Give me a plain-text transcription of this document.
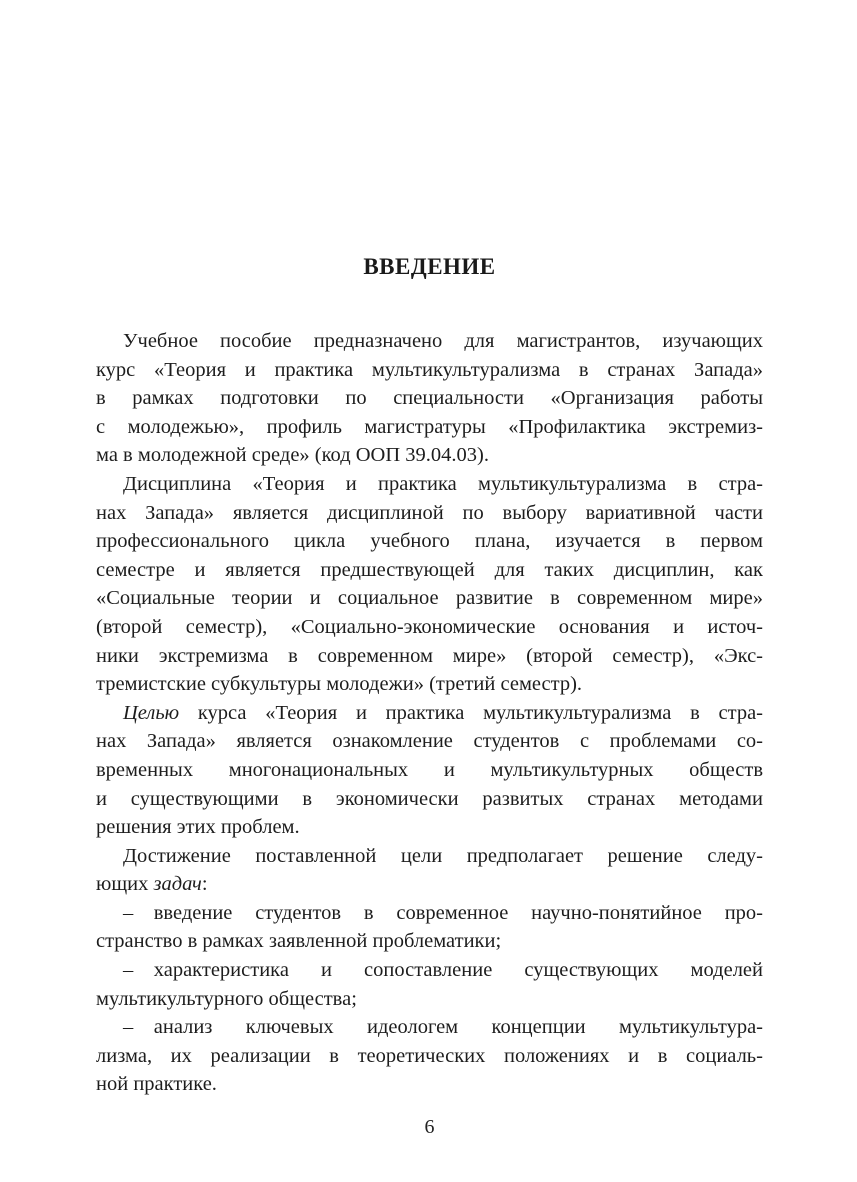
ВВЕДЕНИЕ
Учебное пособие предназначено для магистрантов, изучающих
курс «Теория и практика мультикультурализма в странах Запада»
в рамках подготовки по специальности «Организация работы
с молодежью», профиль магистратуры «Профилактика экстремиз-
ма в молодежной среде» (код ООП 39.04.03).
Дисциплина «Теория и практика мультикультурализма в стра-
нах Запада» является дисциплиной по выбору вариативной части
профессионального цикла учебного плана, изучается в первом
семестре и является предшествующей для таких дисциплин, как
«Социальные теории и социальное развитие в современном мире»
(второй семестр), «Социально-экономические основания и источ-
ники экстремизма в современном мире» (второй семестр), «Экс-
тремистские субкультуры молодежи» (третий семестр).
Целью курса «Теория и практика мультикультурализма в стра-
нах Запада» является ознакомление студентов с проблемами со-
временных многонациональных и мультикультурных обществ
и существующими в экономически развитых странах методами
решения этих проблем.
Достижение поставленной цели предполагает решение следу-
ющих задач:
– введение студентов в современное научно-понятийное про-
странство в рамках заявленной проблематики;
– характеристика и сопоставление существующих моделей
мультикультурного общества;
– анализ ключевых идеологем концепции мультикультура-
лизма, их реализации в теоретических положениях и в социаль-
ной практике.
6
